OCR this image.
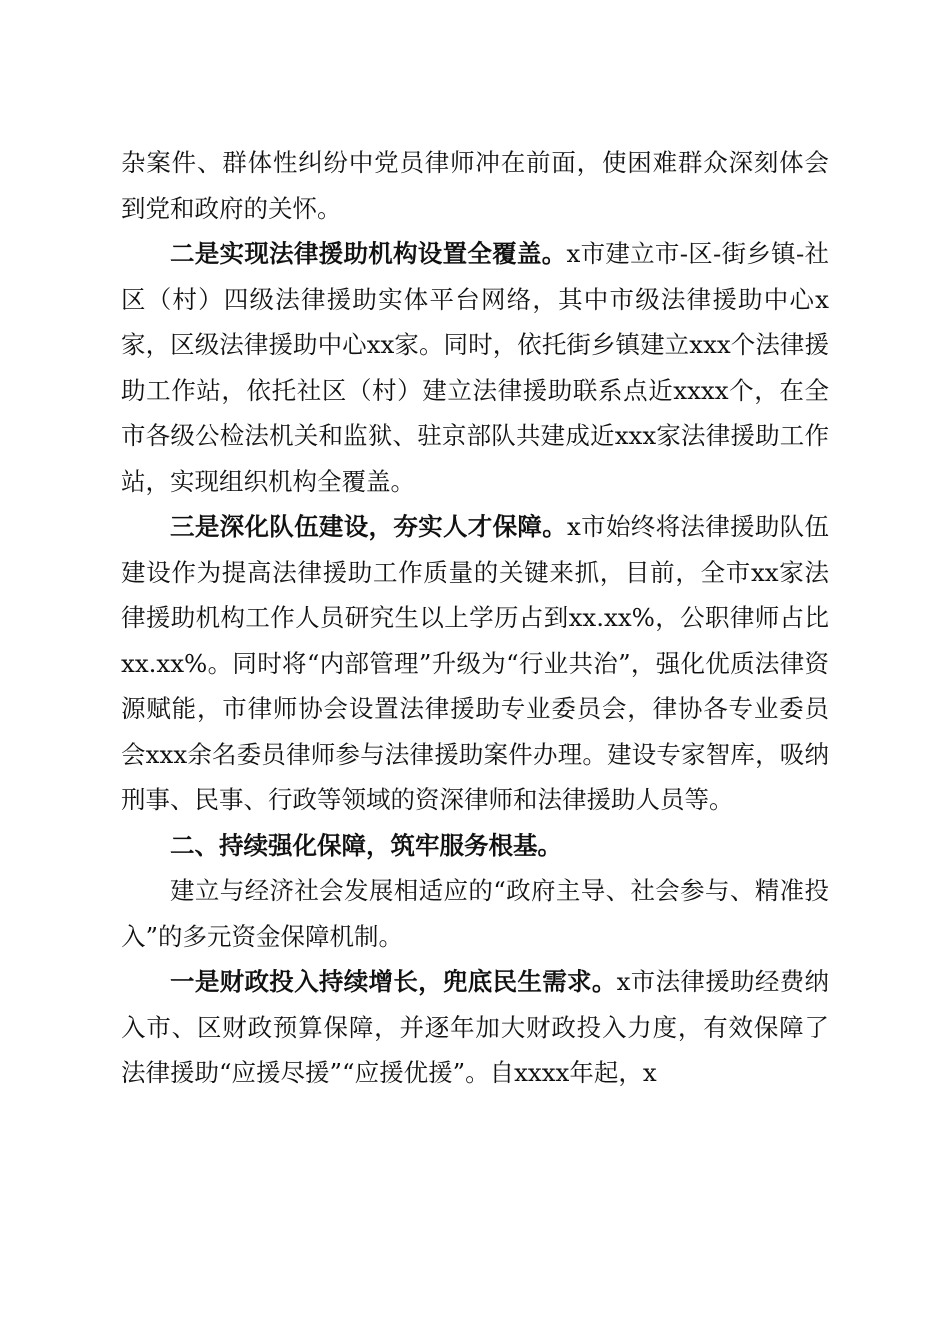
杂案件、群体性纠纷中党员律师冲在前面，使困难群众深刻体会到党和政府的关怀。

二是实现法律援助机构设置全覆盖。x市建立市-区-街乡镇-社区（村）四级法律援助实体平台网络，其中市级法律援助中心x家，区级法律援助中心xx家。同时，依托街乡镇建立xxx个法律援助工作站，依托社区（村）建立法律援助联系点近xxxx个，在全市各级公检法机关和监狱、驻京部队共建成近xxx家法律援助工作站，实现组织机构全覆盖。

三是深化队伍建设，夯实人才保障。x市始终将法律援助队伍建设作为提高法律援助工作质量的关键来抓，目前，全市xx家法律援助机构工作人员研究生以上学历占到xx.xx%，公职律师占比xx.xx%。同时将“内部管理”升级为“行业共治”，强化优质法律资源赋能，市律师协会设置法律援助专业委员会，律协各专业委员会xxx余名委员律师参与法律援助案件办理。建设专家智库，吸纳刑事、民事、行政等领域的资深律师和法律援助人员等。

二、持续强化保障，筑牢服务根基。

建立与经济社会发展相适应的“政府主导、社会参与、精准投入”的多元资金保障机制。

一是财政投入持续增长，兜底民生需求。x市法律援助经费纳入市、区财政预算保障，并逐年加大财政投入力度，有效保障了法律援助“应援尽援”“应援优援”。自xxxx年起，x
